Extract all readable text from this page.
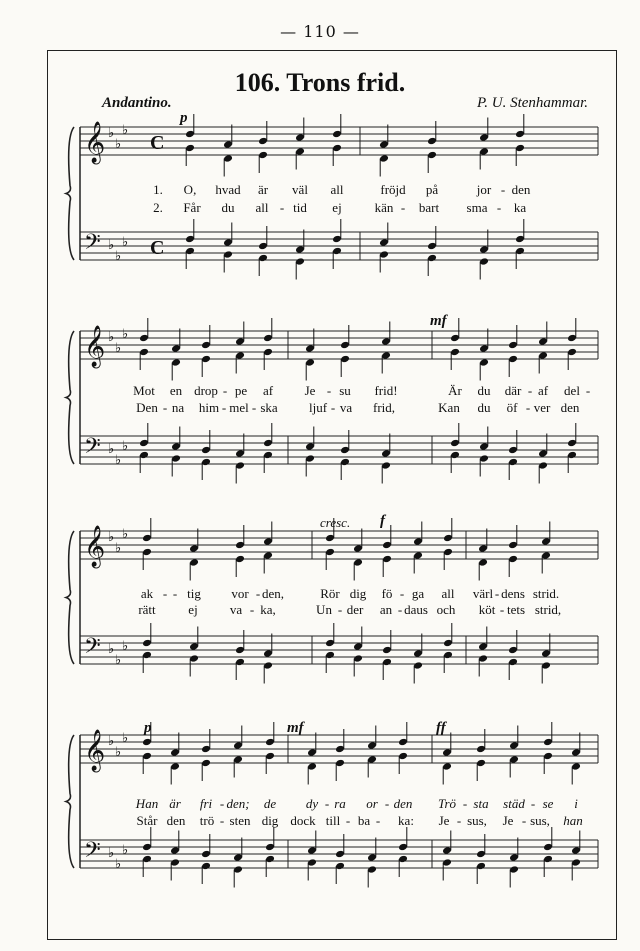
— 110 —
106. Trons frid.
Andantino.	P. U. Stenhammar.
𝄞
𝄢
♭
♭
♭
♭
♭
♭
C
C
p
1. O, hvad är väl all	fröjd på	jor - den
2. Får du all - tid ej	kän - bart sma - ka
𝄞
𝄢
♭
♭
♭
♭
♭
♭
mf
Mot en drop - pe af Je - su frid!	Är du där - af del -
Den - na him - mel - ska ljuf - va frid,	Kan du öf - ver den
𝄞
𝄢
♭
♭
♭
♭
♭
♭
cresc. f
ak - - tig vor - den,	Rör dig fö - ga all värl - dens strid.
rätt	ej va - ka,	Un - der an - daus och köt - tets strid,
𝄞
𝄢
♭
♭
♭
♭
♭
♭
p	mf	ff
Han är fri - den; de dy - ra or - den Trö - sta städ - se i
Står den trö - sten dig dock till - ba - ka: Je - sus, Je - sus, han
